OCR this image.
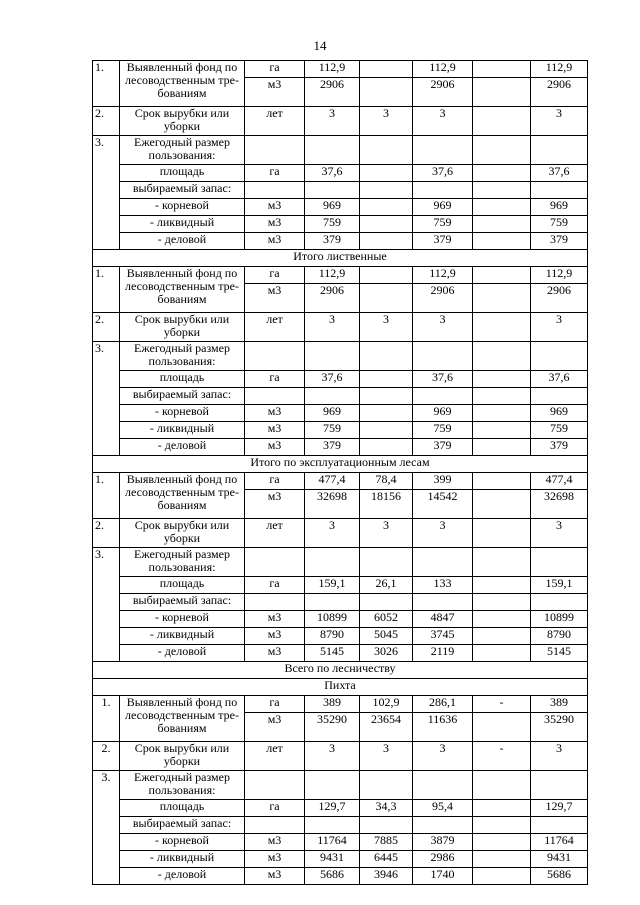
14
1.	Выявленный фонд по лесоводственным тре-бованиям	га	112,9		112,9		112,9
		м3	2906		2906		2906
2.	Срок вырубки или уборки	лет	3	3	3		3
3.	Ежегодный размер пользования:						
	площадь	га	37,6		37,6		37,6
	выбираемый запас:						
	- корневой	м3	969		969		969
	- ликвидный	м3	759		759		759
	- деловой	м3	379		379		379
Итого лиственные							
1.	Выявленный фонд по лесоводственным тре-бованиям	га	112,9		112,9		112,9
		м3	2906		2906		2906
2.	Срок вырубки или уборки	лет	3	3	3		3
3.	Ежегодный размер пользования:						
	площадь	га	37,6		37,6		37,6
	выбираемый запас:						
	- корневой	м3	969		969		969
	- ликвидный	м3	759		759		759
	- деловой	м3	379		379		379
Итого по эксплуатационным лесам							
1.	Выявленный фонд по лесоводственным тре-бованиям	га	477,4	78,4	399		477,4
		м3	32698	18156	14542		32698
2.	Срок вырубки или уборки	лет	3	3	3		3
3.	Ежегодный размер пользования:						
	площадь	га	159,1	26,1	133		159,1
	выбираемый запас:						
	- корневой	м3	10899	6052	4847		10899
	- ликвидный	м3	8790	5045	3745		8790
	- деловой	м3	5145	3026	2119		5145
Всего по лесничеству							
Пихта							
1.	Выявленный фонд по лесоводственным тре-бованиям	га	389	102,9	286,1	-	389
		м3	35290	23654	11636		35290
2.	Срок вырубки или уборки	лет	3	3	3	-	3
3.	Ежегодный размер пользования:						
	площадь	га	129,7	34,3	95,4		129,7
	выбираемый запас:						
	- корневой	м3	11764	7885	3879		11764
	- ликвидный	м3	9431	6445	2986		9431
	- деловой	м3	5686	3946	1740		5686
